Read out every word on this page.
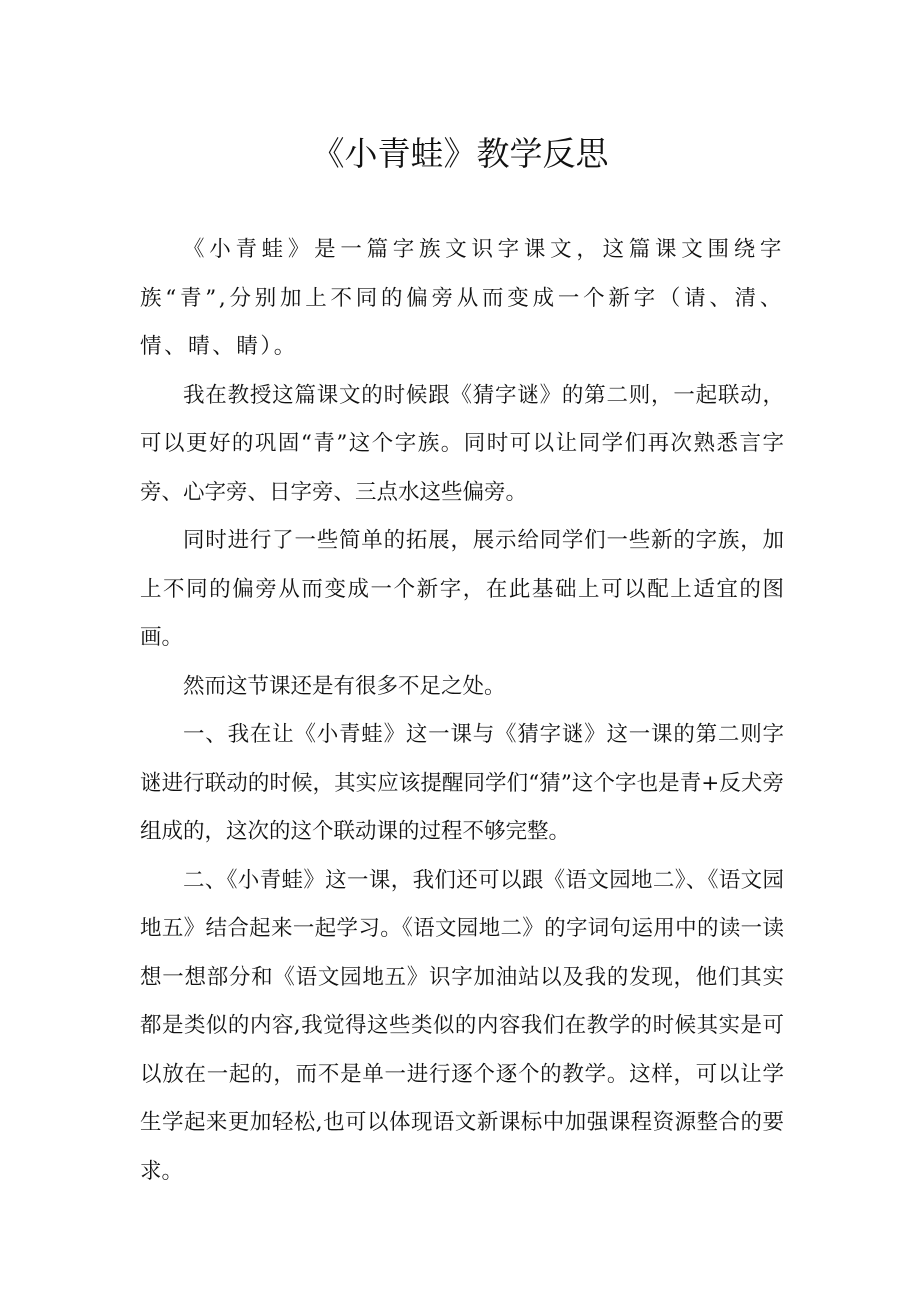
《小青蛙》教学反思

《小青蛙》是一篇字族文识字课文，这篇课文围绕字族“青”,分别加上不同的偏旁从而变成一个新字（请、清、情、晴、睛）。

我在教授这篇课文的时候跟《猜字谜》的第二则，一起联动，可以更好的巩固“青”这个字族。同时可以让同学们再次熟悉言字旁、心字旁、日字旁、三点水这些偏旁。

同时进行了一些简单的拓展，展示给同学们一些新的字族，加上不同的偏旁从而变成一个新字，在此基础上可以配上适宜的图画。

然而这节课还是有很多不足之处。

一、我在让《小青蛙》这一课与《猜字谜》这一课的第二则字谜进行联动的时候，其实应该提醒同学们“猜”这个字也是青+反犬旁组成的，这次的这个联动课的过程不够完整。

二、《小青蛙》这一课，我们还可以跟《语文园地二》、《语文园地五》结合起来一起学习。《语文园地二》的字词句运用中的读一读想一想部分和《语文园地五》识字加油站以及我的发现，他们其实都是类似的内容,我觉得这些类似的内容我们在教学的时候其实是可以放在一起的，而不是单一进行逐个逐个的教学。这样，可以让学生学起来更加轻松,也可以体现语文新课标中加强课程资源整合的要求。
